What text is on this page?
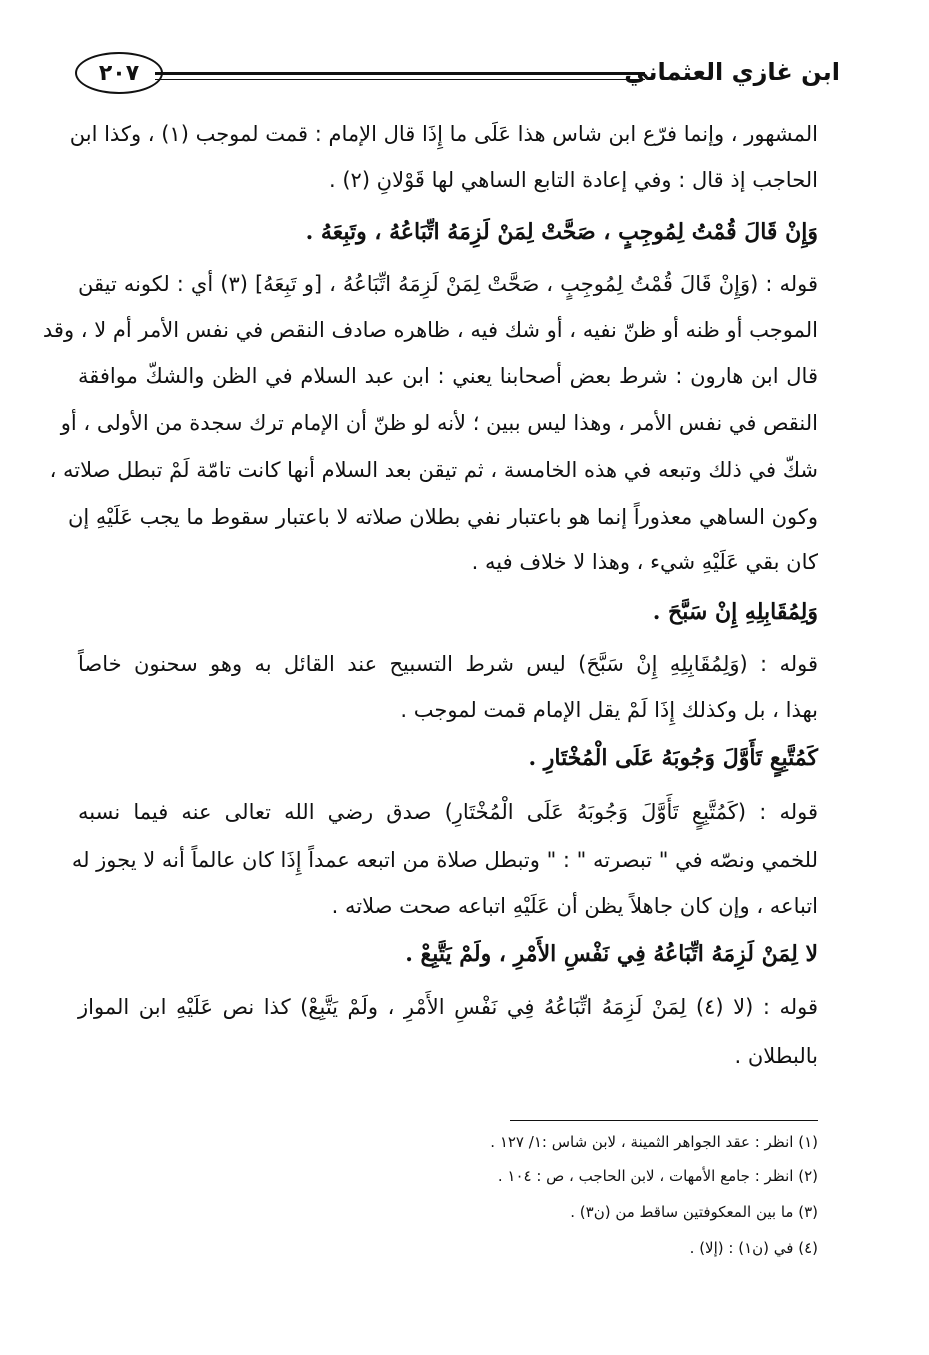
٢٠٧	ابن غازي العثماني
المشهور ، وإنما فرّع ابن شاس هذا عَلَى ما إِذَا قال الإمام : قمت لموجب (١) ، وكذا ابن
الحاجب إذ قال : وفي إعادة التابع الساهي لها قَوْلانِ (٢) .
وَإِنْ قَالَ قُمْتُ لِمُوجِبٍ ، صَحَّتْ لِمَنْ لَزِمَهُ اتِّبَاعُهُ ، وتَبِعَهُ .
قوله : (وَإِنْ قَالَ قُمْتُ لِمُوجِبٍ ، صَحَّتْ لِمَنْ لَزِمَهُ اتِّبَاعُهُ ، [و تَبِعَهُ] (٣) أي : لكونه تيقن
الموجب أو ظنه أو ظنّ نفيه ، أو شك فيه ، ظاهره صادف النقص في نفس الأمر أم لا ، وقد
قال ابن هارون : شرط بعض أصحابنا يعني : ابن عبد السلام في الظن والشكّ موافقة
النقص في نفس الأمر ، وهذا ليس ببين ؛ لأنه لو ظنّ أن الإمام ترك سجدة من الأولى ، أو
شكّ في ذلك وتبعه في هذه الخامسة ، ثم تيقن بعد السلام أنها كانت تامّة لَمْ تبطل صلاته ،
وكون الساهي معذوراً إنما هو باعتبار نفي بطلان صلاته لا باعتبار سقوط ما يجب عَلَيْهِ إن
كان بقي عَلَيْهِ شيء ، وهذا لا خلاف فيه .
وَلِمُقَابِلِهِ إِنْ سَبَّحَ .
قوله : (وَلِمُقَابِلِهِ إِنْ سَبَّحَ) ليس شرط التسبيح عند القائل به وهو سحنون خاصاً
بهذا ، بل وكذلك إِذَا لَمْ يقل الإمام قمت لموجب .
كَمُتَّبِعٍ تَأَوَّلَ وَجُوبَهُ عَلَى الْمُخْتَارِ .
قوله : (كَمُتَّبِعٍ تَأَوَّلَ وَجُوبَهُ عَلَى الْمُخْتَارِ) صدق رضي الله تعالى عنه فيما نسبه
للخمي ونصّه في " تبصرته " : " وتبطل صلاة من اتبعه عمداً إِذَا كان عالماً أنه لا يجوز له
اتباعه ، وإن كان جاهلاً يظن أن عَلَيْهِ اتباعه صحت صلاته .
لا لِمَنْ لَزِمَهُ اتِّبَاعُهُ فِي نَفْسِ الأَمْرِ ، ولَمْ يَتَّبِعْ .
قوله : (لا (٤) لِمَنْ لَزِمَهُ اتِّبَاعُهُ فِي نَفْسِ الأَمْرِ ، ولَمْ يَتَّبِعْ) كذا نص عَلَيْهِ ابن المواز
بالبطلان .
(١) انظر : عقد الجواهر الثمينة ، لابن شاس :١/ ١٢٧ .
(٢) انظر : جامع الأمهات ، لابن الحاجب ، ص : ١٠٤ .
(٣) ما بين المعكوفتين ساقط من (ن٣) .
(٤) في (ن١) : (إلا) .
